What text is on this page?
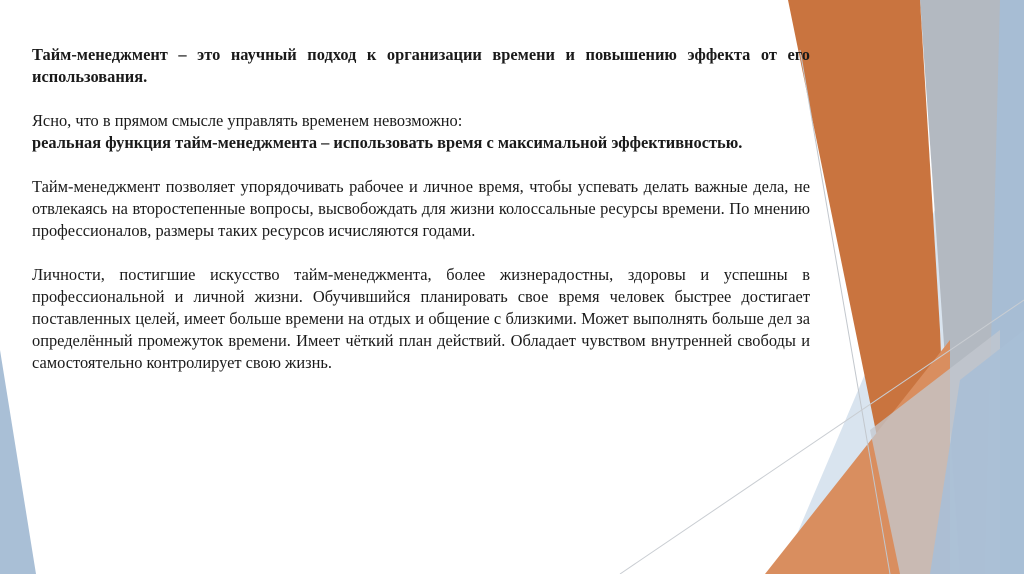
Тайм-менеджмент – это научный подход к организации времени и повышению эффекта от его использования.

Ясно, что в прямом смысле управлять временем невозможно:

реальная функция тайм-менеджмента – использовать время с максимальной эффективностью.

Тайм-менеджмент позволяет упорядочивать рабочее и личное время, чтобы успевать делать важные дела, не отвлекаясь на второстепенные вопросы, высвобождать для жизни колоссальные ресурсы времени. По мнению профессионалов, размеры таких ресурсов исчисляются годами.

Личности, постигшие искусство тайм-менеджмента, более жизнерадостны, здоровы и успешны в профессиональной и личной жизни. Обучившийся планировать свое время человек быстрее достигает поставленных целей, имеет больше времени на отдых и общение с близкими. Может выполнять больше дел за определённый промежуток времени. Имеет чёткий план действий. Обладает чувством внутренней свободы и самостоятельно контролирует свою жизнь.
